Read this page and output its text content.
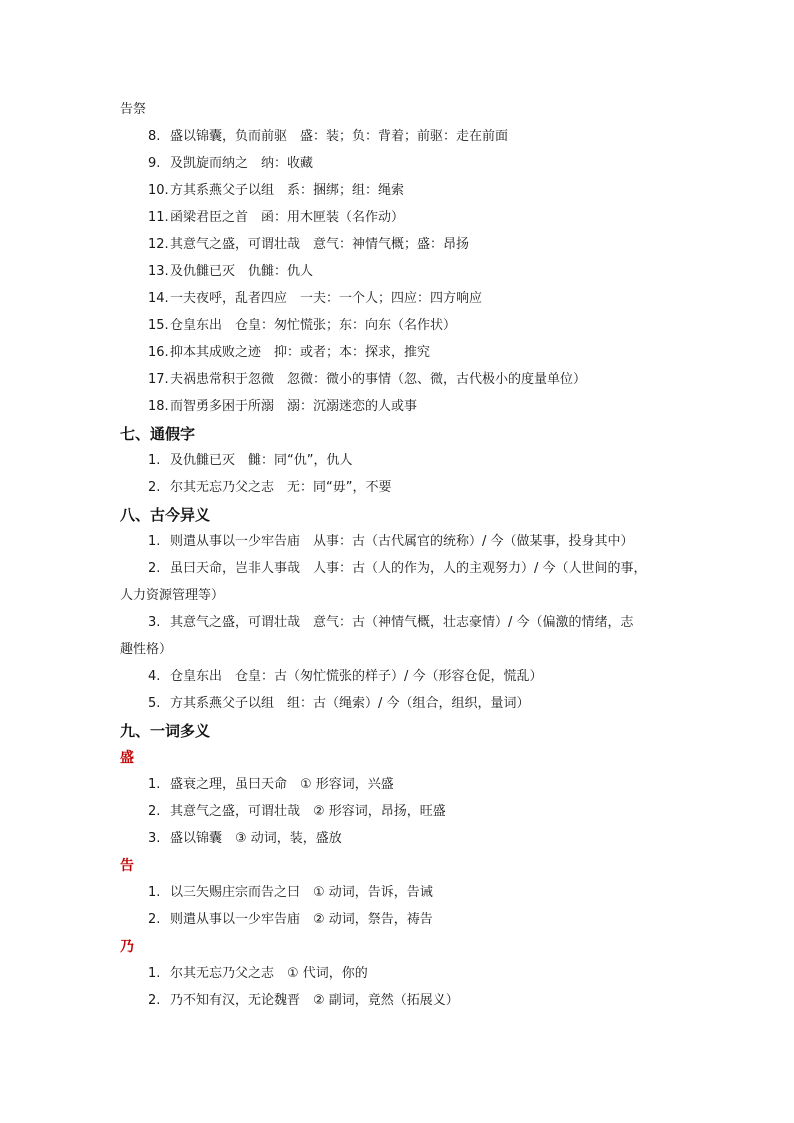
告祭
8. 盛以锦囊，负而前驱　盛：装；负：背着；前驱：走在前面
9. 及凯旋而纳之　纳：收藏
10.方其系燕父子以组　系：捆绑；组：绳索
11.函梁君臣之首　函：用木匣装（名作动）
12.其意气之盛，可谓壮哉　意气：神情气概；盛：昂扬
13.及仇雠已灭　仇雠：仇人
14.一夫夜呼，乱者四应　一夫：一个人；四应：四方响应
15.仓皇东出　仓皇：匆忙慌张；东：向东（名作状）
16.抑本其成败之迹　抑：或者；本：探求，推究
17.夫祸患常积于忽微　忽微：微小的事情（忽、微，古代极小的度量单位）
18.而智勇多困于所溺　溺：沉溺迷恋的人或事
七、通假字
1. 及仇雠已灭　雠：同“仇”，仇人
2. 尔其无忘乃父之志　无：同“毋”，不要
八、古今异义
1. 则遣从事以一少牢告庙　从事：古（古代属官的统称）/ 今（做某事，投身其中）
2. 虽曰天命，岂非人事哉　人事：古（人的作为，人的主观努力）/ 今（人世间的事，
人力资源管理等）
3. 其意气之盛，可谓壮哉　意气：古（神情气概，壮志豪情）/ 今（偏激的情绪，志
趣性格）
4. 仓皇东出　仓皇：古（匆忙慌张的样子）/ 今（形容仓促，慌乱）
5. 方其系燕父子以组　组：古（绳索）/ 今（组合，组织，量词）
九、一词多义
盛
1. 盛衰之理，虽曰天命　① 形容词，兴盛
2. 其意气之盛，可谓壮哉　② 形容词，昂扬，旺盛
3. 盛以锦囊　③ 动词，装，盛放
告
1. 以三矢赐庄宗而告之曰　① 动词，告诉，告诫
2. 则遣从事以一少牢告庙　② 动词，祭告，祷告
乃
1. 尔其无忘乃父之志　① 代词，你的
2. 乃不知有汉，无论魏晋　② 副词，竟然（拓展义）
